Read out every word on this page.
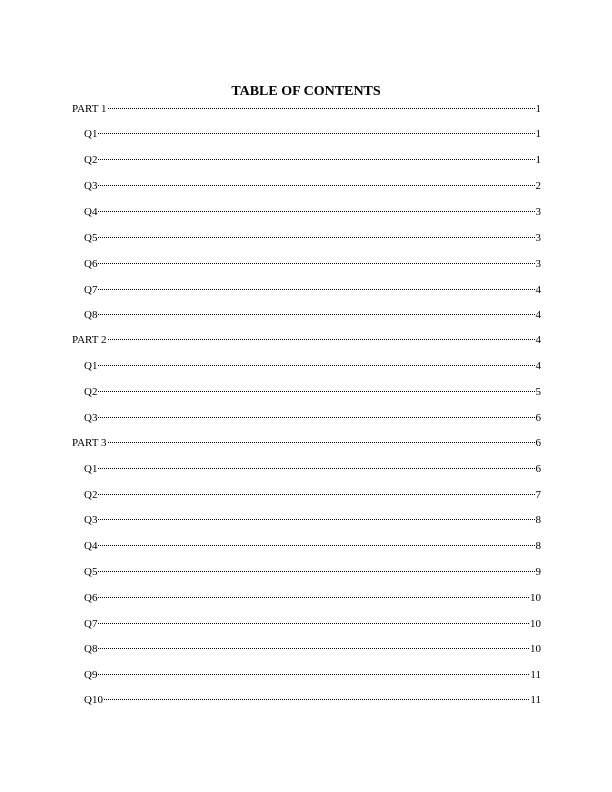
TABLE OF CONTENTS
PART 1	1
Q1	1
Q2	1
Q3	2
Q4	3
Q5	3
Q6	3
Q7	4
Q8	4
PART 2	4
Q1	4
Q2	5
Q3	6
PART 3	6
Q1	6
Q2	7
Q3	8
Q4	8
Q5	9
Q6	10
Q7	10
Q8	10
Q9	11
Q10	11
